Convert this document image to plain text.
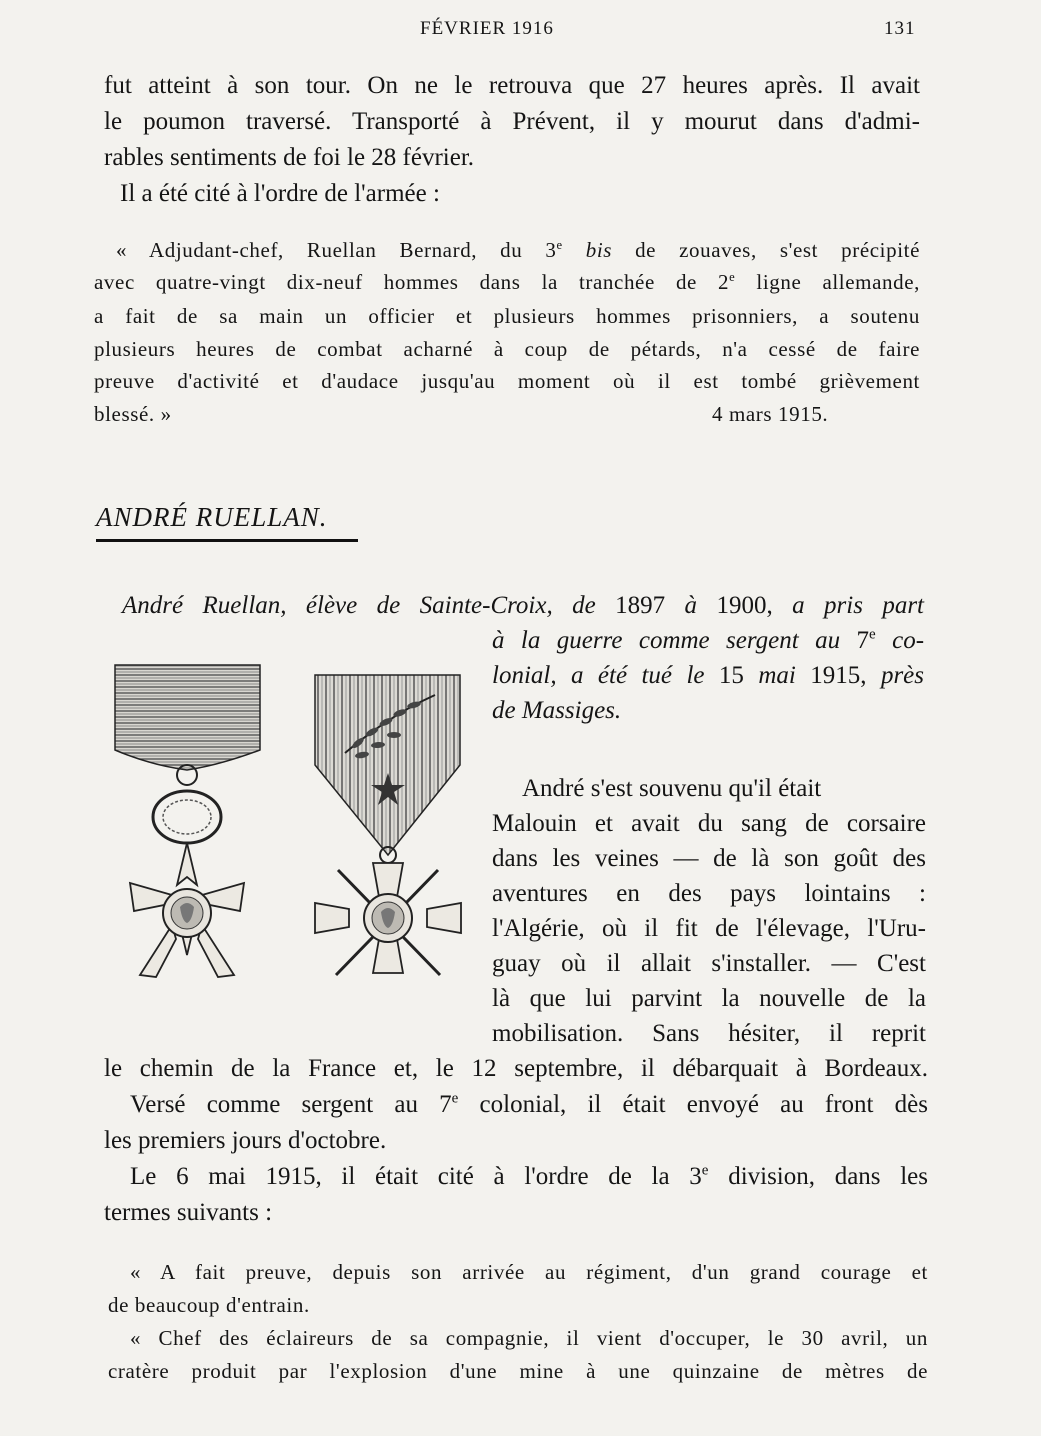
FÉVRIER 1916	131
fut atteint à son tour. On ne le retrouva que 27 heures après. Il avait
le poumon traversé. Transporté à Prévent, il y mourut dans d'admi-
rables sentiments de foi le 28 février.
Il a été cité à l'ordre de l'armée :
« Adjudant-chef, Ruellan Bernard, du 3e bis de zouaves, s'est précipité
avec quatre-vingt dix-neuf hommes dans la tranchée de 2e ligne allemande,
a fait de sa main un officier et plusieurs hommes prisonniers, a soutenu
plusieurs heures de combat acharné à coup de pétards, n'a cessé de faire
preuve d'activité et d'audace jusqu'au moment où il est tombé grièvement
blessé. »	4 mars 1915.
ANDRÉ RUELLAN.
André Ruellan, élève de Sainte-Croix, de 1897 à 1900, a pris part
à la guerre comme sergent au 7e co-
lonial, a été tué le 15 mai 1915, près
de Massiges.
André s'est souvenu qu'il était
Malouin et avait du sang de corsaire
dans les veines — de là son goût des
aventures en des pays lointains :
l'Algérie, où il fit de l'élevage, l'Uru-
guay où il allait s'installer. — C'est
là que lui parvint la nouvelle de la
mobilisation. Sans hésiter, il reprit
le chemin de la France et, le 12 septembre, il débarquait à Bordeaux.
Versé comme sergent au 7e colonial, il était envoyé au front dès
les premiers jours d'octobre.
Le 6 mai 1915, il était cité à l'ordre de la 3e division, dans les
termes suivants :
« A fait preuve, depuis son arrivée au régiment, d'un grand courage et
de beaucoup d'entrain.
« Chef des éclaireurs de sa compagnie, il vient d'occuper, le 30 avril, un
cratère produit par l'explosion d'une mine à une quinzaine de mètres de
